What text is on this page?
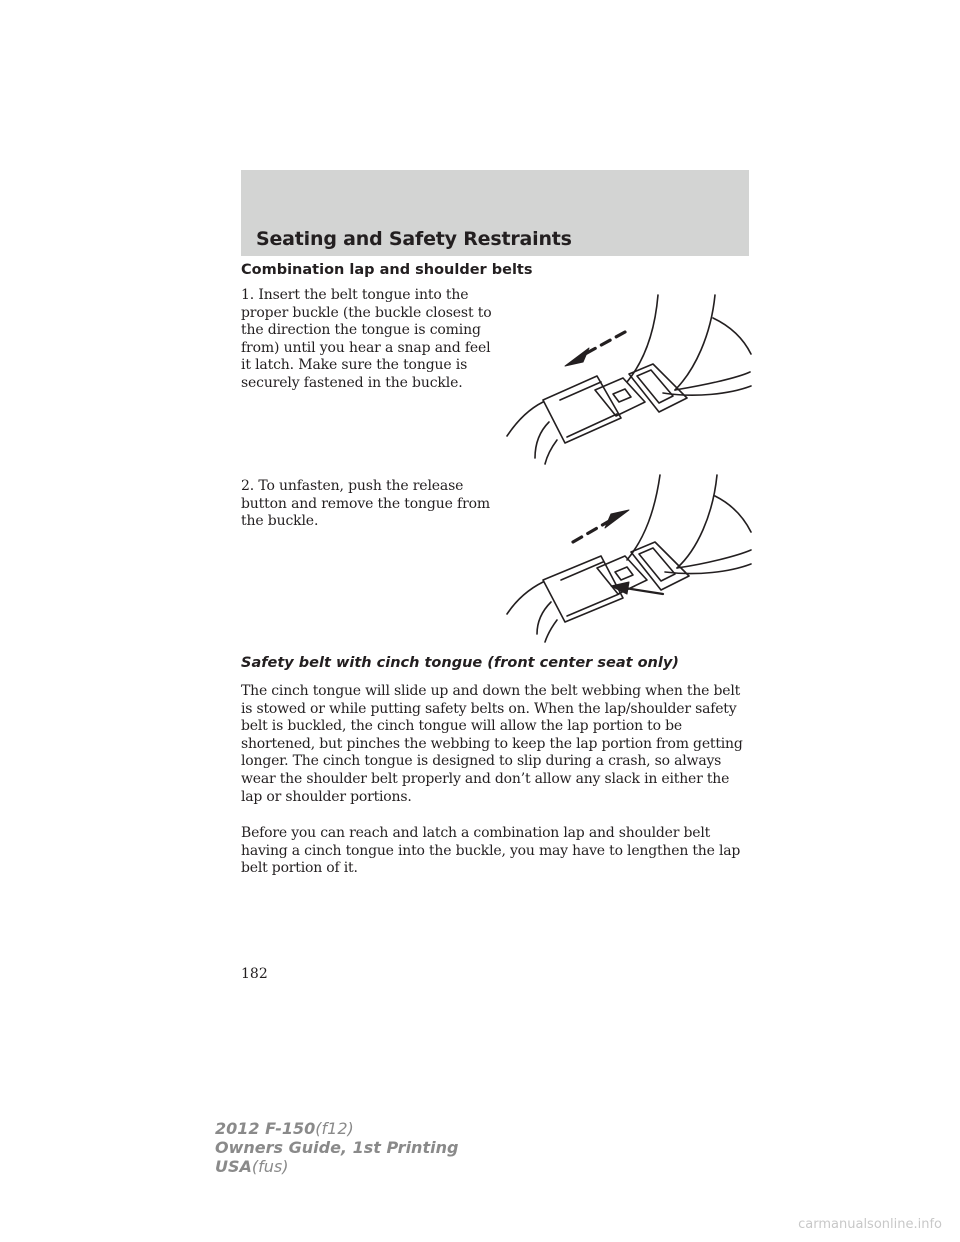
Seating and Safety Restraints
Combination lap and shoulder belts

1. Insert the belt tongue into the proper buckle (the buckle closest to the direction the tongue is coming from) until you hear a snap and feel it latch. Make sure the tongue is securely fastened in the buckle.

2. To unfasten, push the release button and remove the tongue from the buckle.

Safety belt with cinch tongue (front center seat only)

The cinch tongue will slide up and down the belt webbing when the belt is stowed or while putting safety belts on. When the lap/shoulder safety belt is buckled, the cinch tongue will allow the lap portion to be shortened, but pinches the webbing to keep the lap portion from getting longer. The cinch tongue is designed to slip during a crash, so always wear the shoulder belt properly and don’t allow any slack in either the lap or shoulder portions.

Before you can reach and latch a combination lap and shoulder belt having a cinch tongue into the buckle, you may have to lengthen the lap belt portion of it.

182

2012 F-150(f12)
Owners Guide, 1st Printing
USA(fus)
carmanualsonline.info
